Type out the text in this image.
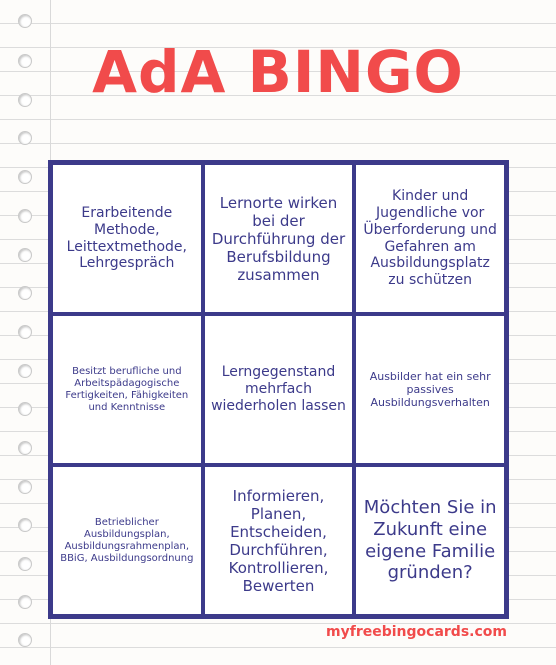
AdA BINGO
Erarbeitende Methode, Leittextmethode, Lehrgespräch
Lernorte wirken bei der Durchführung der Berufsbildung zusammen
Kinder und Jugendliche vor Überforderung und Gefahren am Ausbildungsplatz zu schützen
Besitzt berufliche und Arbeitspädagogische Fertigkeiten, Fähigkeiten und Kenntnisse
Lerngegenstand mehrfach wiederholen lassen
Ausbilder hat ein sehr passives Ausbildungsverhalten
Betrieblicher Ausbildungsplan, Ausbildungsrahmenplan, BBiG, Ausbildungsordnung
Informieren, Planen, Entscheiden, Durchführen, Kontrollieren, Bewerten
Möchten Sie in Zukunft eine eigene Familie gründen?
myfreebingocards.com
